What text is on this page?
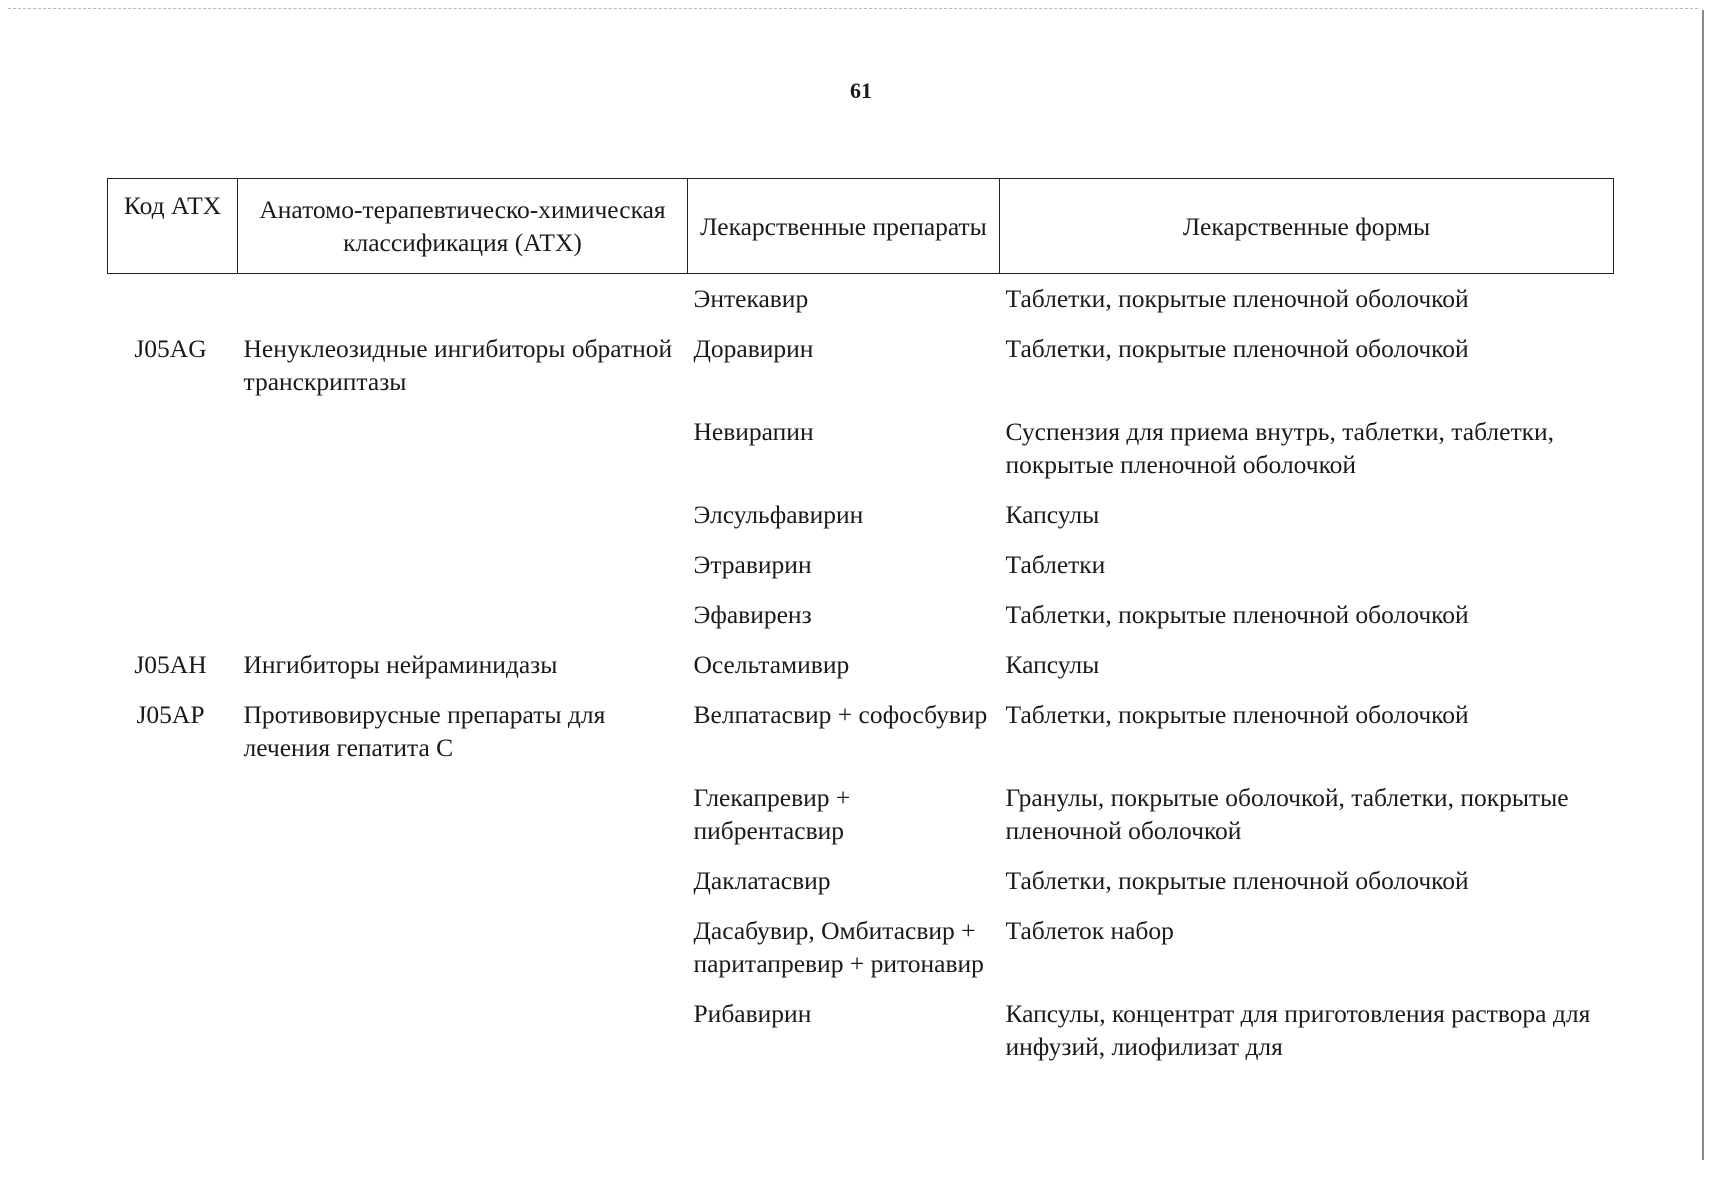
61
Код АТХ	Анатомо-терапевтическо-химическая классификация (АТХ)	Лекарственные препараты	Лекарственные формы
		Энтекавир	Таблетки, покрытые пленочной оболочкой
J05AG	Ненуклеозидные ингибиторы обратной транскриптазы	Доравирин	Таблетки, покрытые пленочной оболочкой
		Невирапин	Суспензия для приема внутрь, таблетки, таблетки, покрытые пленочной оболочкой
		Элсульфавирин	Капсулы
		Этравирин	Таблетки
		Эфавиренз	Таблетки, покрытые пленочной оболочкой
J05AH	Ингибиторы нейраминидазы	Осельтамивир	Капсулы
J05AP	Противовирусные препараты для лечения гепатита С	Велпатасвир + софосбувир	Таблетки, покрытые пленочной оболочкой
		Глекапревир + пибрентасвир	Гранулы, покрытые оболочкой, таблетки, покрытые пленочной оболочкой
		Даклатасвир	Таблетки, покрытые пленочной оболочкой
		Дасабувир, Омбитасвир + паритапревир + ритонавир	Таблеток набор
		Рибавирин	Капсулы, концентрат для приготовления раствора для инфузий, лиофилизат для
